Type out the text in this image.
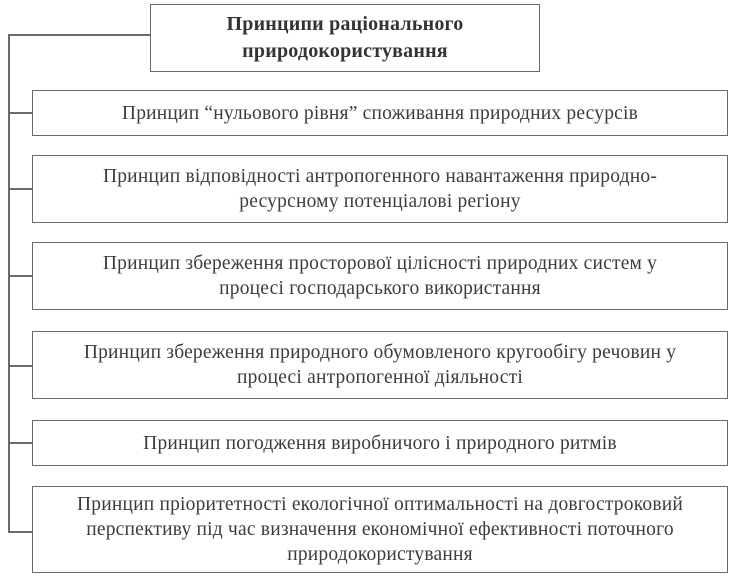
Принципи раціонального
природокористування
Принцип “нульового рівня” споживання природних ресурсів
Принцип відповідності антропогенного навантаження природно-
ресурсному потенціалові регіону
Принцип збереження просторової цілісності природних систем у
процесі господарського використання
Принцип збереження природного обумовленого кругообігу речовин у
процесі антропогенної діяльності
Принцип погодження виробничого і природного ритмів
Принцип пріоритетності екологічної оптимальності на довгостроковий
перспективу під час визначення економічної ефективності поточного
природокористування
